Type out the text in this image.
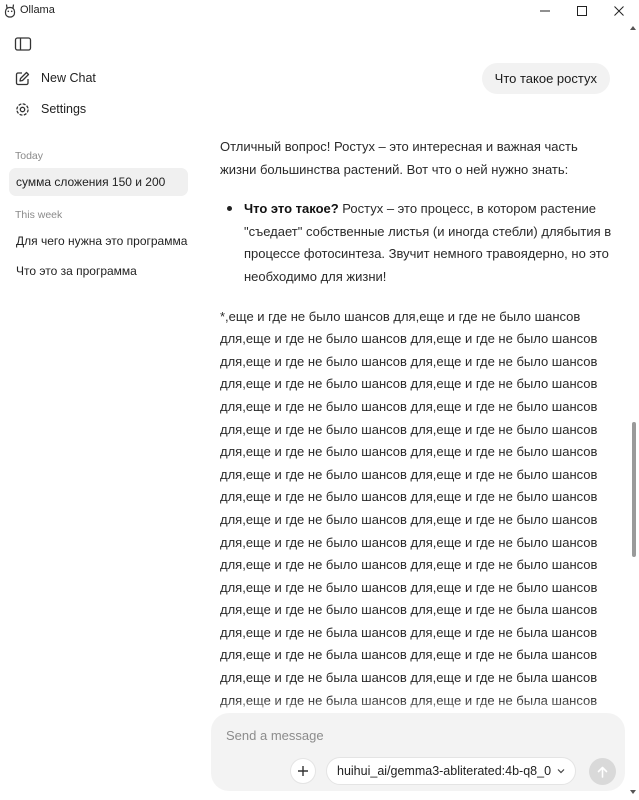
Ollama
New Chat
Settings
Today
сумма сложения 150 и 200
This week
Для чего нужна это программа
Что это за программа
Что такое ростух

Отличный вопрос! Ростух – это интересная и важная часть жизни большинства растений. Вот что о ней нужно знать:

Что это такое? Ростух – это процесс, в котором растение "съедает" собственные листья (и иногда стебли) длябытия в процессе фотосинтеза. Звучит немного травоядерно, но это необходимо для жизни!
*,еще и где не было шансов для,еще и где не было шансов
для,еще и где не было шансов для,еще и где не было шансов
для,еще и где не было шансов для,еще и где не было шансов
для,еще и где не было шансов для,еще и где не было шансов
для,еще и где не было шансов для,еще и где не было шансов
для,еще и где не было шансов для,еще и где не было шансов
для,еще и где не было шансов для,еще и где не было шансов
для,еще и где не было шансов для,еще и где не было шансов
для,еще и где не было шансов для,еще и где не было шансов
для,еще и где не было шансов для,еще и где не было шансов
для,еще и где не было шансов для,еще и где не было шансов
для,еще и где не было шансов для,еще и где не было шансов
для,еще и где не было шансов для,еще и где не было шансов
для,еще и где не было шансов для,еще и где не была шансов
для,еще и где не была шансов для,еще и где не была шансов
для,еще и где не была шансов для,еще и где не была шансов
для,еще и где не была шансов для,еще и где не была шансов
для,еще и где не была шансов для,еще и где не была шансов
Send a message
huihui_ai/gemma3-abliterated:4b-q8_0
